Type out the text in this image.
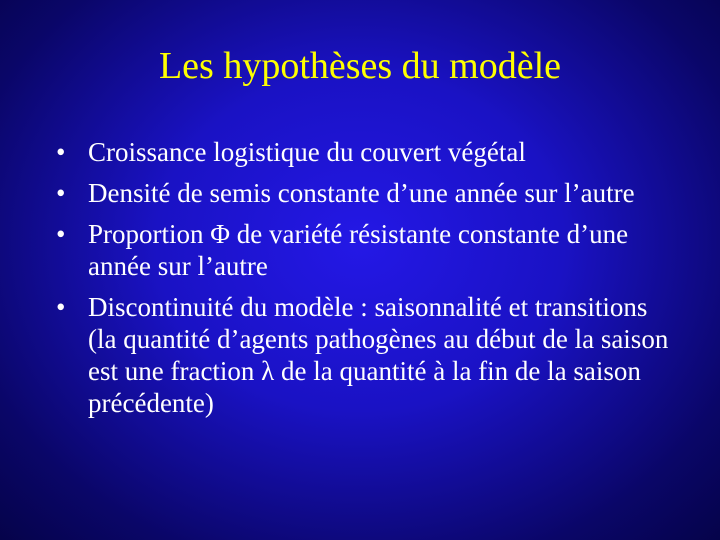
Les hypothèses du modèle
• Croissance logistique du couvert végétal
• Densité de semis constante d’une année sur l’autre
• Proportion Φ de variété résistante constante d’une année sur l’autre
• Discontinuité du modèle : saisonnalité et transitions (la quantité d’agents pathogènes au début de la saison est une fraction λ de la quantité à la fin de la saison précédente)
